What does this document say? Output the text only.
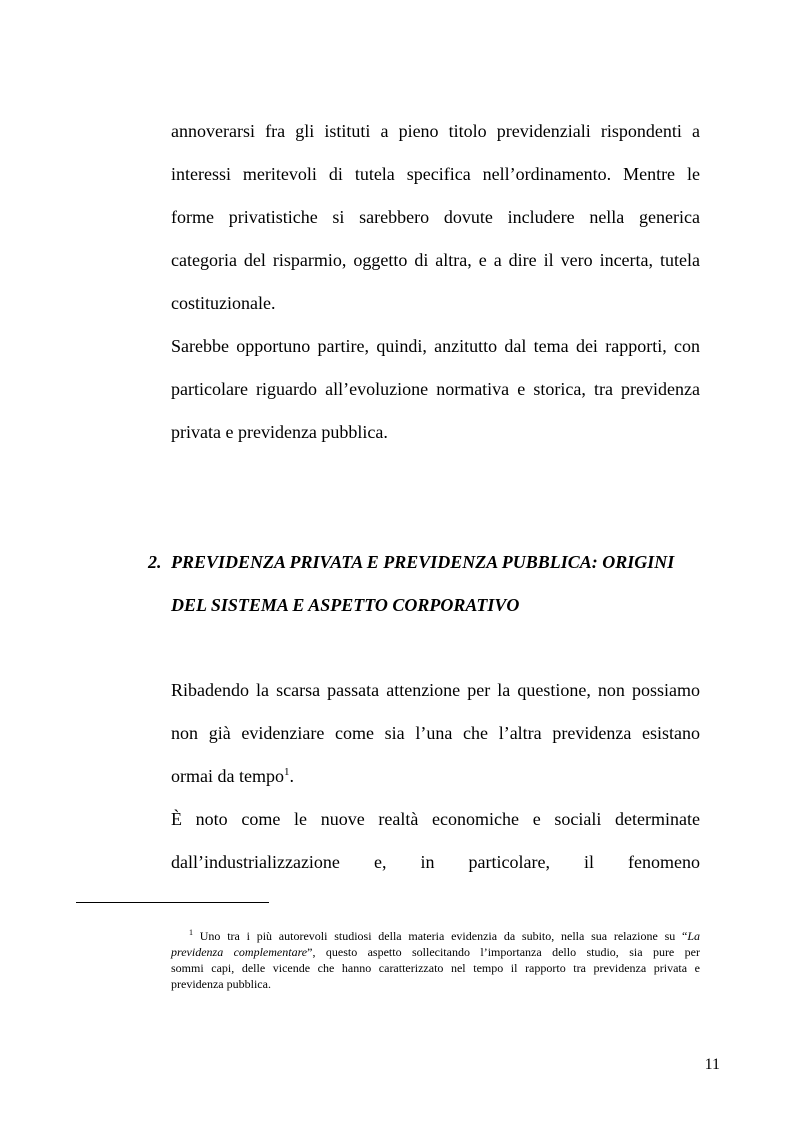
annoverarsi fra gli istituti a pieno titolo previdenziali rispondenti a
interessi meritevoli di tutela specifica nell’ordinamento. Mentre le
forme privatistiche si sarebbero dovute includere nella generica
categoria del risparmio, oggetto di altra, e a dire il vero incerta, tutela
costituzionale.
Sarebbe opportuno partire, quindi, anzitutto dal tema dei rapporti, con
particolare riguardo all’evoluzione normativa e storica, tra previdenza
privata e previdenza pubblica.
2. PREVIDENZA PRIVATA E PREVIDENZA PUBBLICA: ORIGINI
DEL SISTEMA E ASPETTO CORPORATIVO
Ribadendo la scarsa passata attenzione per la questione, non possiamo
non già evidenziare come sia l’una che l’altra previdenza esistano
ormai da tempo$^1$.
È noto come le nuove realtà economiche e sociali determinate
dall’industrializzazione e, in particolare, il fenomeno
$^1$ Uno tra i più autorevoli studiosi della materia evidenzia da subito, nella sua relazione su “La
previdenza complementare”, questo aspetto sollecitando l’importanza dello studio, sia pure per
sommi capi, delle vicende che hanno caratterizzato nel tempo il rapporto tra previdenza privata e
previdenza pubblica.
11
